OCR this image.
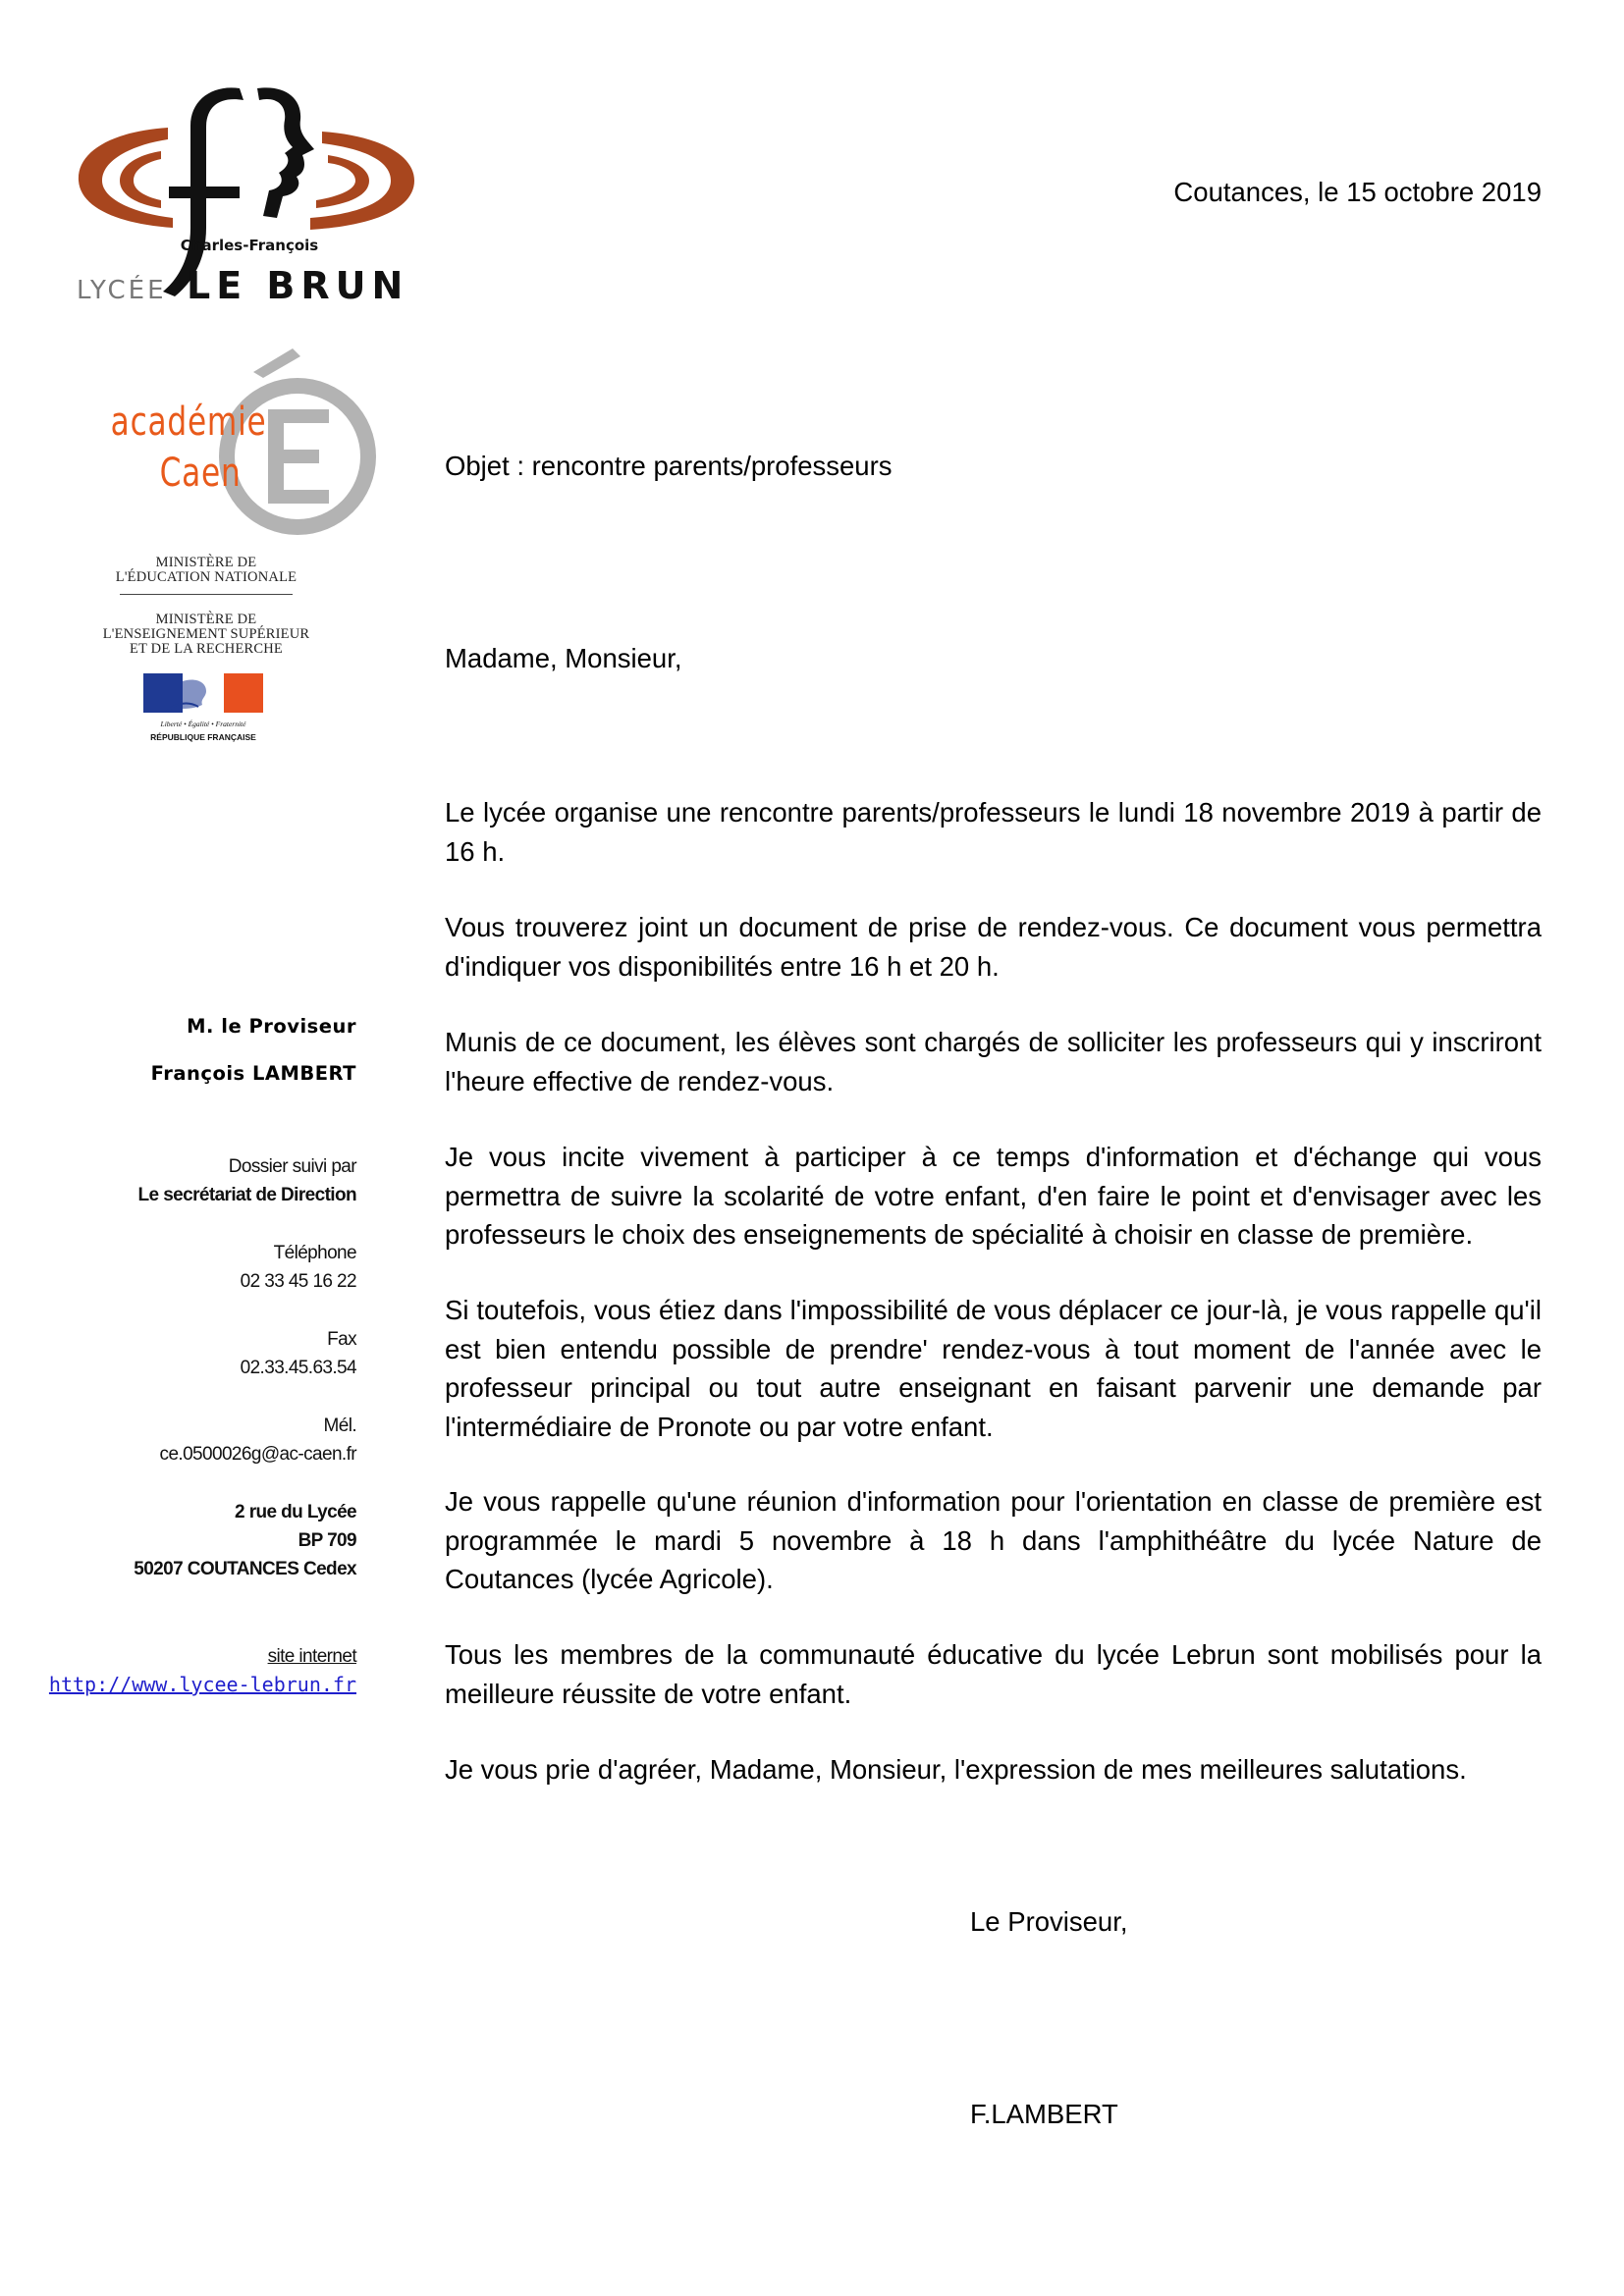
Charles-François
LYCÉE LE BRUN
académie
Caen
MINISTÈRE DE
L'ÉDUCATION NATIONALE
MINISTÈRE DE
L'ENSEIGNEMENT SUPÉRIEUR
ET DE LA RECHERCHE
Liberté • Égalité • Fraternité
RÉPUBLIQUE FRANÇAISE
M. le Proviseur
François LAMBERT
Dossier suivi par
Le secrétariat de Direction
Téléphone
02 33 45 16 22
Fax
02.33.45.63.54
Mél.
ce.0500026g@ac-caen.fr
2 rue du Lycée
BP 709
50207 COUTANCES Cedex
site internet
http://www.lycee-lebrun.fr
Coutances, le 15 octobre 2019
Objet : rencontre parents/professeurs
Madame, Monsieur,
Le lycée organise une rencontre parents/professeurs le lundi 18 novembre 2019 à partir de 16 h.
Vous trouverez joint un document de prise de rendez-vous. Ce document vous permettra d'indiquer vos disponibilités entre 16 h et 20 h.
Munis de ce document, les élèves sont chargés de solliciter les professeurs qui y inscriront l'heure effective de rendez-vous.
Je vous incite vivement à participer à ce temps d'information et d'échange qui vous permettra de suivre la scolarité de votre enfant, d'en faire le point et d'envisager avec les professeurs le choix des enseignements de spécialité à choisir en classe de première.
Si toutefois, vous étiez dans l'impossibilité de vous déplacer ce jour-là, je vous rappelle qu'il est bien entendu possible de prendre' rendez-vous à tout moment de l'année avec le professeur principal ou tout autre enseignant en faisant parvenir une demande par l'intermédiaire de Pronote ou par votre enfant.
Je vous rappelle qu'une réunion d'information pour l'orientation en classe de première est programmée le mardi 5 novembre à 18 h dans l'amphithéâtre du lycée Nature de Coutances (lycée Agricole).
Tous les membres de la communauté éducative du lycée Lebrun sont mobilisés pour la meilleure réussite de votre enfant.
Je vous prie d'agréer, Madame, Monsieur, l'expression de mes meilleures salutations.
Le Proviseur,
F.LAMBERT
